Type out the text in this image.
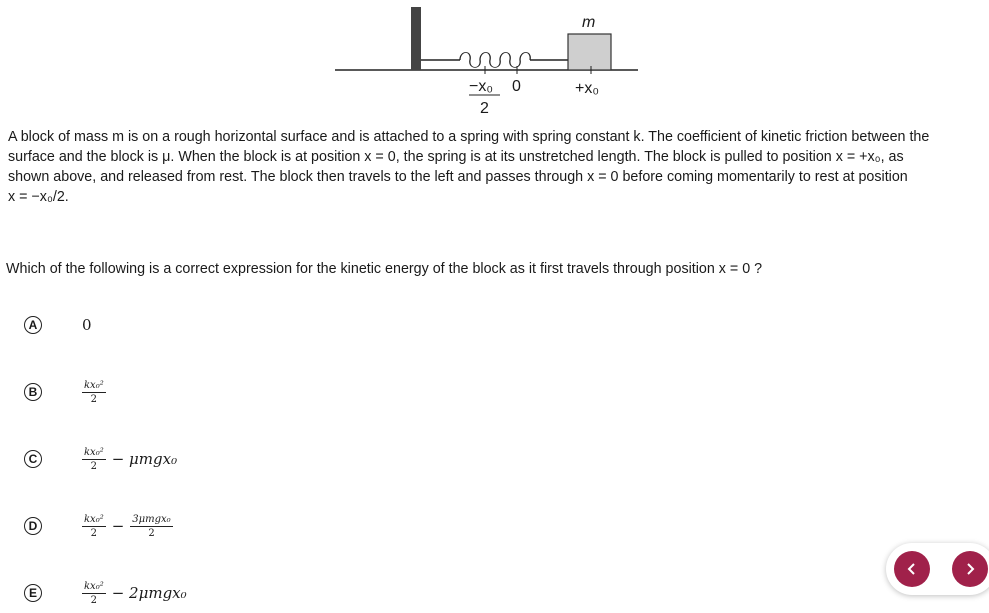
m
−x₀
2
0	+x₀
A block of mass m is on a rough horizontal surface and is attached to a spring with spring constant k. The coefficient of kinetic friction between the
surface and the block is μ. When the block is at position x = 0, the spring is at its unstretched length. The block is pulled to position x = +x₀, as
shown above, and released from rest. The block then travels to the left and passes through x = 0 before coming momentarily to rest at position
x = −x₀/2.

Which of the following is a correct expression for the kinetic energy of the block as it first travels through position x = 0 ?

A	0
B	$\frac{\text{kx₀²}}{2}$
C	$\frac{\text{kx₀²}}{2} - \mu mgx_0$
D	$\frac{\text{kx₀²}}{2} - \frac{\text{3μmgx₀}}{2}$
E	$\frac{\text{kx₀²}}{2} - 2\mu mgx_0$
